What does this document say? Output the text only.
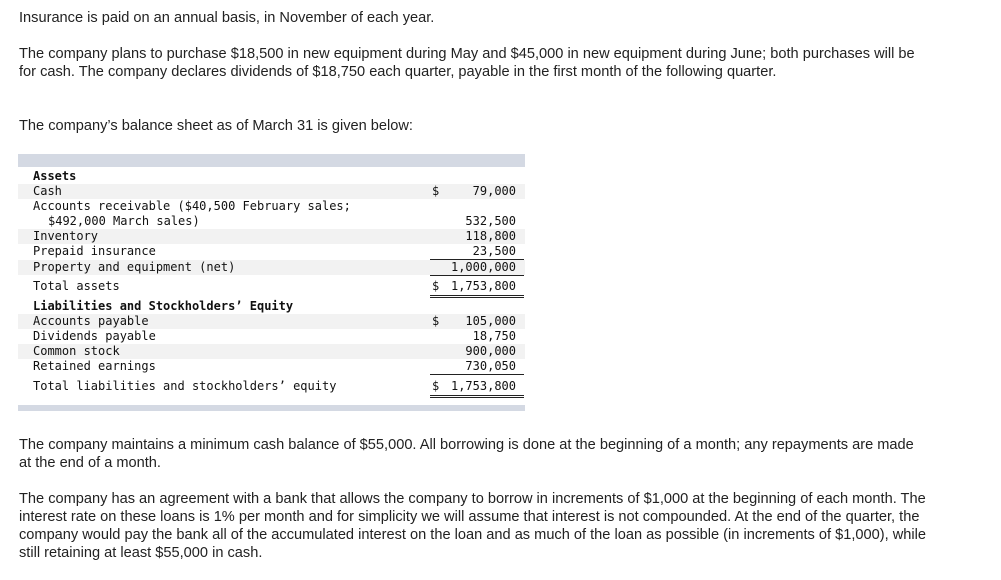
Insurance is paid on an annual basis, in November of each year.

The company plans to purchase $18,500 in new equipment during May and $45,000 in new equipment during June; both purchases will be for cash. The company declares dividends of $18,750 each quarter, payable in the first month of the following quarter.

The company’s balance sheet as of March 31 is given below:

Assets
Cash	$	79,000
Accounts receivable ($40,500 February sales;
$492,000 March sales)	532,500
Inventory	118,800
Prepaid insurance	23,500
Property and equipment (net)	1,000,000
Total assets	$ 1,753,800
Liabilities and Stockholders’ Equity
Accounts payable	$ 105,000
Dividends payable	18,750
Common stock	900,000
Retained earnings	730,050
Total liabilities and stockholders’ equity	$ 1,753,800

The company maintains a minimum cash balance of $55,000. All borrowing is done at the beginning of a month; any repayments are made at the end of a month.

The company has an agreement with a bank that allows the company to borrow in increments of $1,000 at the beginning of each month. The interest rate on these loans is 1% per month and for simplicity we will assume that interest is not compounded. At the end of the quarter, the company would pay the bank all of the accumulated interest on the loan and as much of the loan as possible (in increments of $1,000), while still retaining at least $55,000 in cash.
